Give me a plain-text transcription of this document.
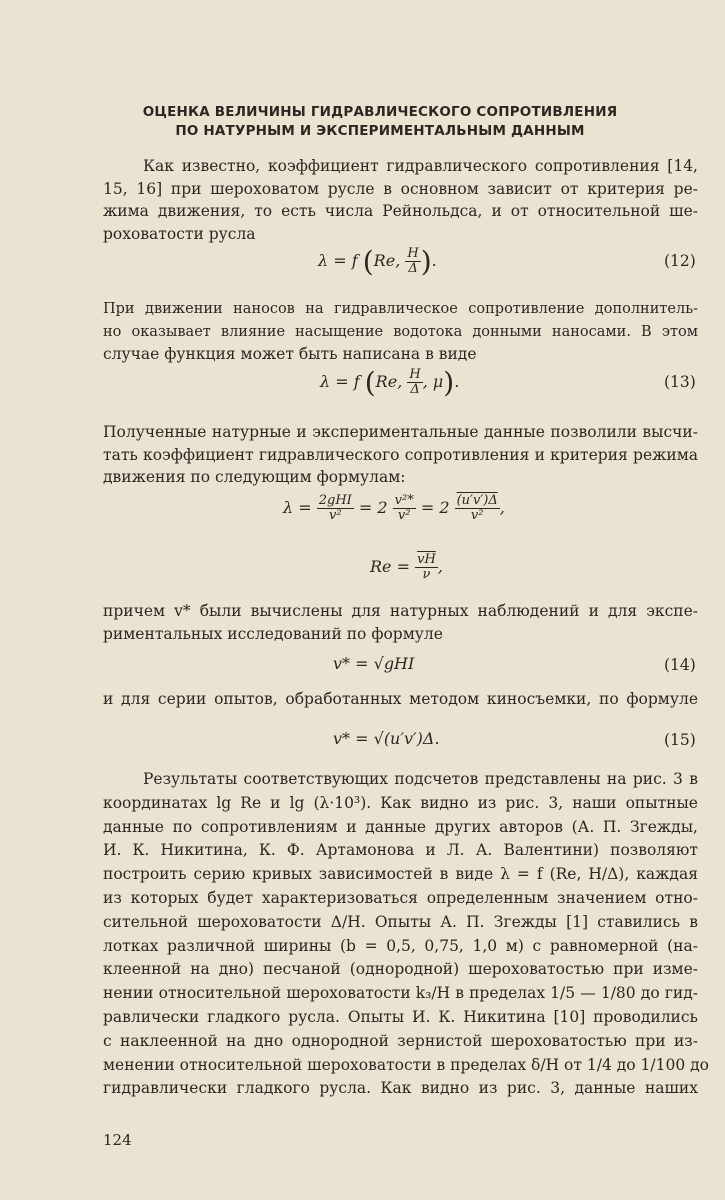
ОЦЕНКА ВЕЛИЧИНЫ ГИДРАВЛИЧЕСКОГО СОПРОТИВЛЕНИЯ
ПО НАТУРНЫМ И ЭКСПЕРИМЕНТАЛЬНЫМ ДАННЫМ

Как известно, коэффициент гидравлического сопротивления [14,
15, 16] при шероховатом русле в основном зависит от критерия ре-
жима движения, то есть числа Рейнольдса, и от относительной ше-
роховатости русла

λ = f (Re, $\frac{H}{\Delta}$ ).	(12)

При движении наносов на гидравлическое сопротивление дополнитель-
но оказывает влияние насыщение водотока донными наносами. В этом
случае функция может быть написана в виде

λ = f (Re, $\frac{H}{\Delta}$ , μ).	(13)

Полученные натурные и экспериментальные данные позволили высчи-
тать коэффициент гидравлического сопротивления и критерия режима
движения по следующим формулам:

$\lambda = \frac{\text{2gHI}}{\text{v²}} = 2 \frac{\text{v²*}}{\text{v²}} = 2 \frac{(u'v')\Delta}{\text{v²}}$ ,
$Re = \frac{\overline{vH}}{\nu}$ ,

причем v* были вычислены для натурных наблюдений и для экспе-
риментальных исследований по формуле

v* = √gHI	(14)

и для серии опытов, обработанных методом киносъемки, по формуле

v* = √(u′v′)Δ.	(15)

Результаты соответствующих подсчетов представлены на рис. 3 в
координатах lg Re и lg (λ·10³). Как видно из рис. 3, наши опытные
данные по сопротивлениям и данные других авторов (А. П. Згежды,
И. К. Никитина, К. Ф. Артамонова и Л. А. Валентини) позволяют
построить серию кривых зависимостей в виде λ = f (Re, H/Δ), каждая
из которых будет характеризоваться определенным значением отно-
сительной шероховатости Δ/H. Опыты А. П. Згежды [1] ставились в
лотках различной ширины (b = 0,5, 0,75, 1,0 м) с равномерной (на-
клеенной на дно) песчаной (однородной) шероховатостью при изме-
нении относительной шероховатости k₃/H в пределах 1/5 — 1/80 до гид-
равлически гладкого русла. Опыты И. К. Никитина [10] проводились
с наклеенной на дно однородной зернистой шероховатостью при из-
менении относительной шероховатости в пределах δ/H от 1/4 до 1/100 до
гидравлически гладкого русла. Как видно из рис. 3, данные наших

124
